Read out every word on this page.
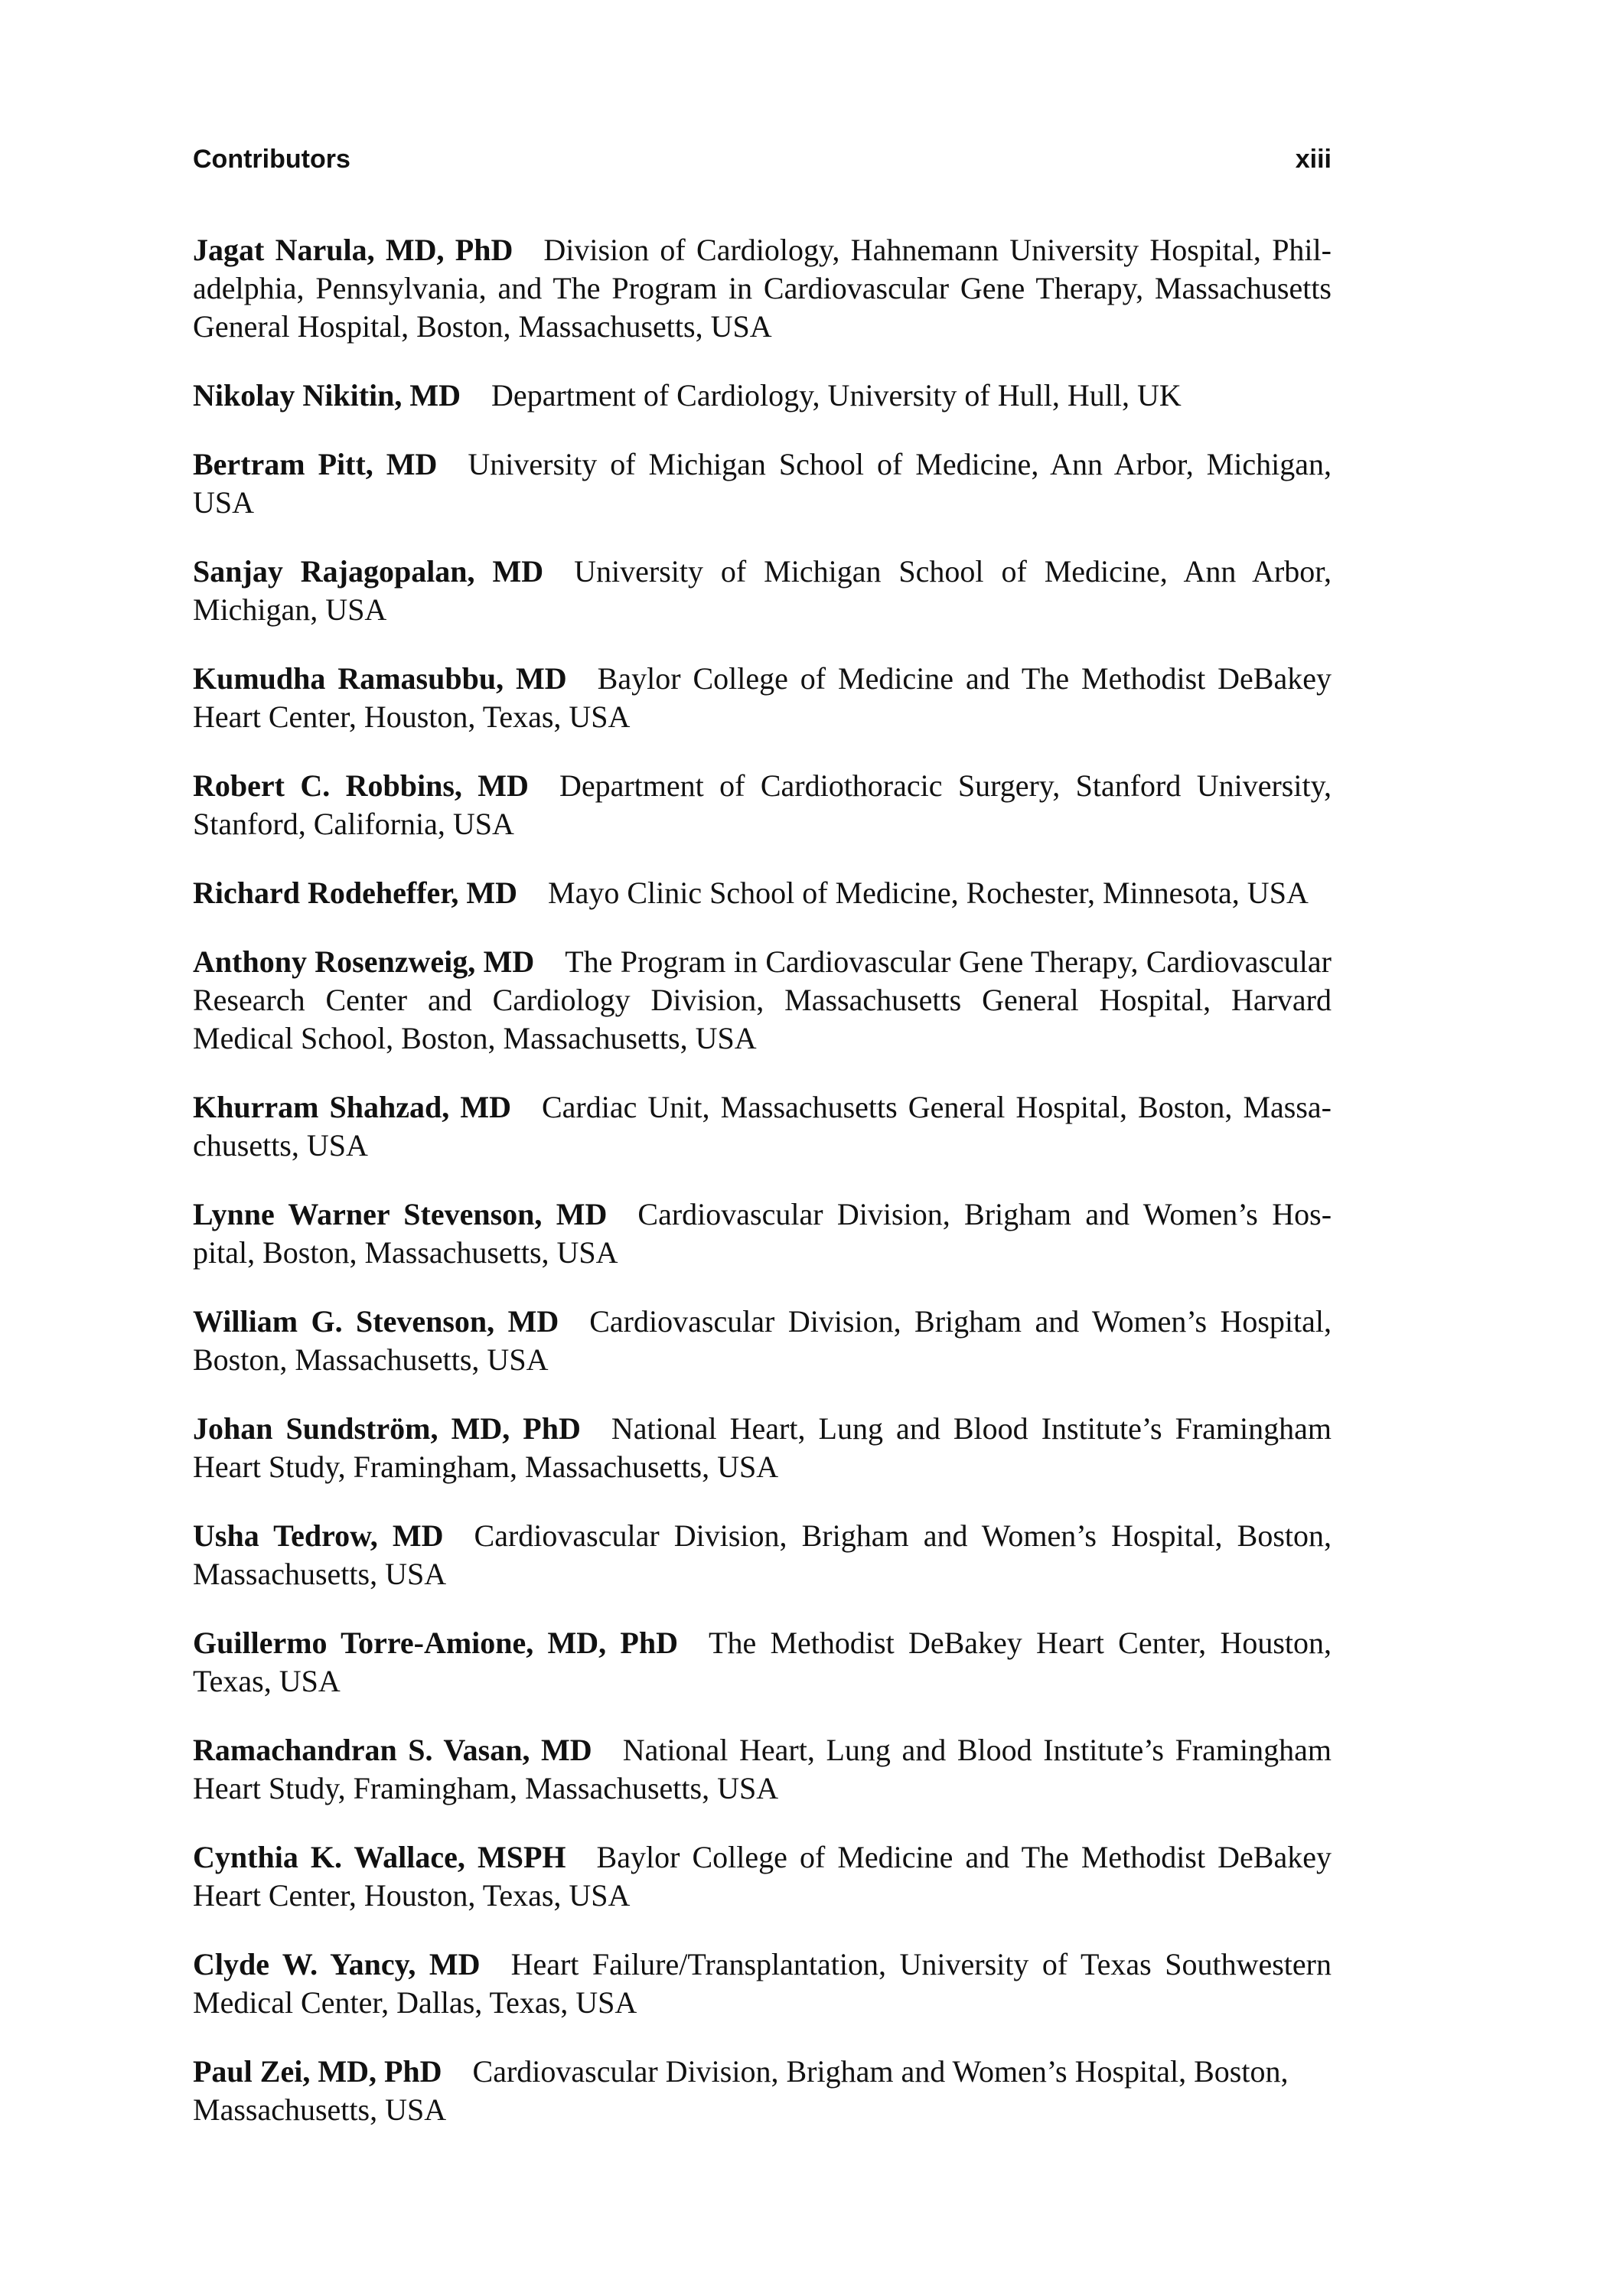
Contributors	xiii

Jagat Narula, MD, PhD Division of Cardiology, Hahnemann University Hospital, Philadelphia, Pennsylvania, and The Program in Cardiovascular Gene Therapy, Massachusetts General Hospital, Boston, Massachusetts, USA

Nikolay Nikitin, MD Department of Cardiology, University of Hull, Hull, UK

Bertram Pitt, MD University of Michigan School of Medicine, Ann Arbor, Michigan, USA

Sanjay Rajagopalan, MD University of Michigan School of Medicine, Ann Arbor, Michigan, USA

Kumudha Ramasubbu, MD Baylor College of Medicine and The Methodist DeBakey Heart Center, Houston, Texas, USA

Robert C. Robbins, MD Department of Cardiothoracic Surgery, Stanford University, Stanford, California, USA

Richard Rodeheffer, MD Mayo Clinic School of Medicine, Rochester, Minnesota, USA

Anthony Rosenzweig, MD The Program in Cardiovascular Gene Therapy, Cardiovascular Research Center and Cardiology Division, Massachusetts General Hospital, Harvard Medical School, Boston, Massachusetts, USA

Khurram Shahzad, MD Cardiac Unit, Massachusetts General Hospital, Boston, Massachusetts, USA

Lynne Warner Stevenson, MD Cardiovascular Division, Brigham and Women’s Hospital, Boston, Massachusetts, USA

William G. Stevenson, MD Cardiovascular Division, Brigham and Women’s Hospital, Boston, Massachusetts, USA

Johan Sundström, MD, PhD National Heart, Lung and Blood Institute’s Framingham Heart Study, Framingham, Massachusetts, USA

Usha Tedrow, MD Cardiovascular Division, Brigham and Women’s Hospital, Boston, Massachusetts, USA

Guillermo Torre-Amione, MD, PhD The Methodist DeBakey Heart Center, Houston, Texas, USA

Ramachandran S. Vasan, MD National Heart, Lung and Blood Institute’s Framingham Heart Study, Framingham, Massachusetts, USA

Cynthia K. Wallace, MSPH Baylor College of Medicine and The Methodist DeBakey Heart Center, Houston, Texas, USA

Clyde W. Yancy, MD Heart Failure/Transplantation, University of Texas Southwestern Medical Center, Dallas, Texas, USA

Paul Zei, MD, PhD Cardiovascular Division, Brigham and Women’s Hospital, Boston, Massachusetts, USA
